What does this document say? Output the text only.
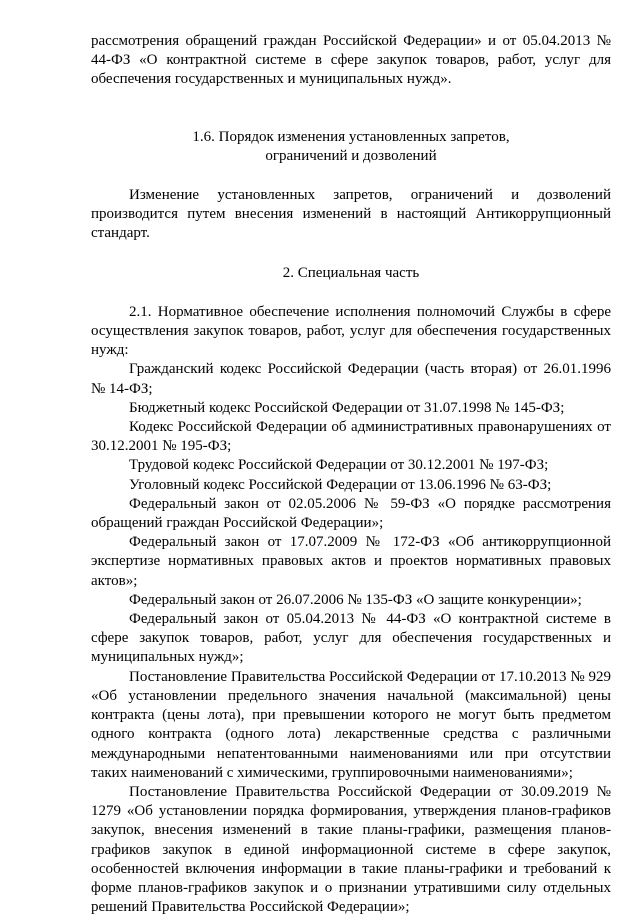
рассмотрения обращений граждан Российской Федерации» и от 05.04.2013 № 44-ФЗ «О контрактной системе в сфере закупок товаров, работ, услуг для обеспечения государственных и муниципальных нужд».

1.6. Порядок изменения установленных запретов,

ограничений и дозволений

Изменение установленных запретов, ограничений и дозволений производится путем внесения изменений в настоящий Антикоррупционный стандарт.

2. Специальная часть

2.1. Нормативное обеспечение исполнения полномочий Службы в сфере осуществления закупок товаров, работ, услуг для обеспечения государственных нужд:

Гражданский кодекс Российской Федерации (часть вторая) от 26.01.1996 № 14-ФЗ;

Бюджетный кодекс Российской Федерации от 31.07.1998 № 145-ФЗ;

Кодекс Российской Федерации об административных правонарушениях от 30.12.2001 № 195-ФЗ;

Трудовой кодекс Российской Федерации от 30.12.2001 № 197-ФЗ;

Уголовный кодекс Российской Федерации от 13.06.1996 № 63-ФЗ;

Федеральный закон от 02.05.2006 № 59-ФЗ «О порядке рассмотрения обращений граждан Российской Федерации»;

Федеральный закон от 17.07.2009 № 172-ФЗ «Об антикоррупционной экспертизе нормативных правовых актов и проектов нормативных правовых актов»;

Федеральный закон от 26.07.2006 № 135-ФЗ «О защите конкуренции»;

Федеральный закон от 05.04.2013 № 44-ФЗ «О контрактной системе в сфере закупок товаров, работ, услуг для обеспечения государственных и муниципальных нужд»;

Постановление Правительства Российской Федерации от 17.10.2013 № 929 «Об установлении предельного значения начальной (максимальной) цены контракта (цены лота), при превышении которого не могут быть предметом одного контракта (одного лота) лекарственные средства с различными международными непатентованными наименованиями или при отсутствии таких наименований с химическими, группировочными наименованиями»;

Постановление Правительства Российской Федерации от 30.09.2019 № 1279 «Об установлении порядка формирования, утверждения планов-графиков закупок, внесения изменений в такие планы-графики, размещения планов-графиков закупок в единой информационной системе в сфере закупок, особенностей включения информации в такие планы-графики и требований к форме планов-графиков закупок и о признании утратившими силу отдельных решений Правительства Российской Федерации»;
